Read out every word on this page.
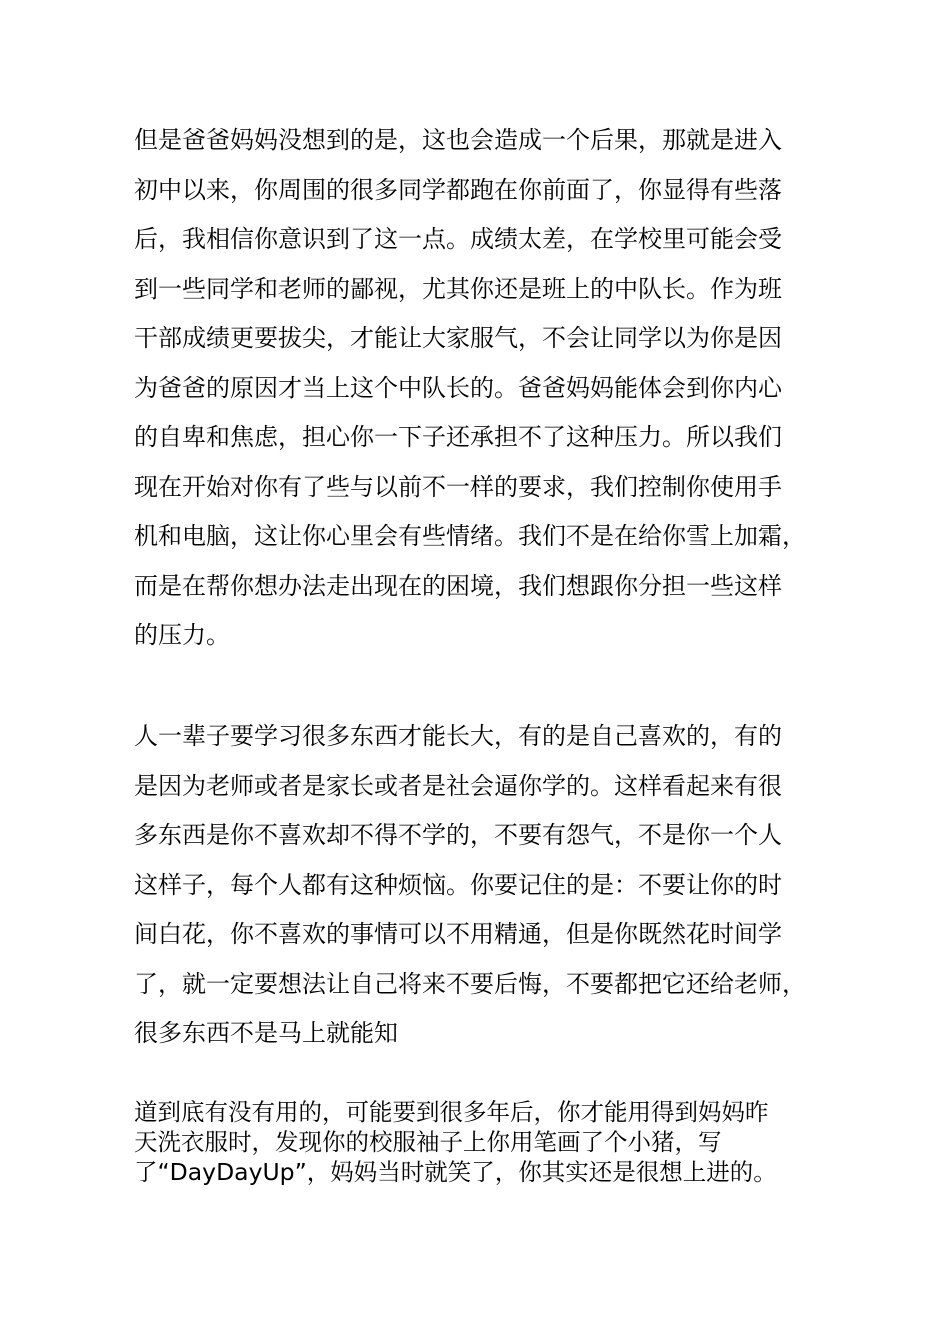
但是爸爸妈妈没想到的是，这也会造成一个后果，那就是进入
初中以来，你周围的很多同学都跑在你前面了，你显得有些落
后，我相信你意识到了这一点。成绩太差，在学校里可能会受
到一些同学和老师的鄙视，尤其你还是班上的中队长。作为班
干部成绩更要拔尖，才能让大家服气，不会让同学以为你是因
为爸爸的原因才当上这个中队长的。爸爸妈妈能体会到你内心
的自卑和焦虑，担心你一下子还承担不了这种压力。所以我们
现在开始对你有了些与以前不一样的要求，我们控制你使用手
机和电脑，这让你心里会有些情绪。我们不是在给你雪上加霜，
而是在帮你想办法走出现在的困境，我们想跟你分担一些这样
的压力。
人一辈子要学习很多东西才能长大，有的是自己喜欢的，有的
是因为老师或者是家长或者是社会逼你学的。这样看起来有很
多东西是你不喜欢却不得不学的，不要有怨气，不是你一个人
这样子，每个人都有这种烦恼。你要记住的是：不要让你的时
间白花，你不喜欢的事情可以不用精通，但是你既然花时间学
了，就一定要想法让自己将来不要后悔，不要都把它还给老师，
很多东西不是马上就能知
道到底有没有用的，可能要到很多年后，你才能用得到妈妈昨
天洗衣服时，发现你的校服袖子上你用笔画了个小猪，写
了“DayDayUp”，妈妈当时就笑了，你其实还是很想上进的。
